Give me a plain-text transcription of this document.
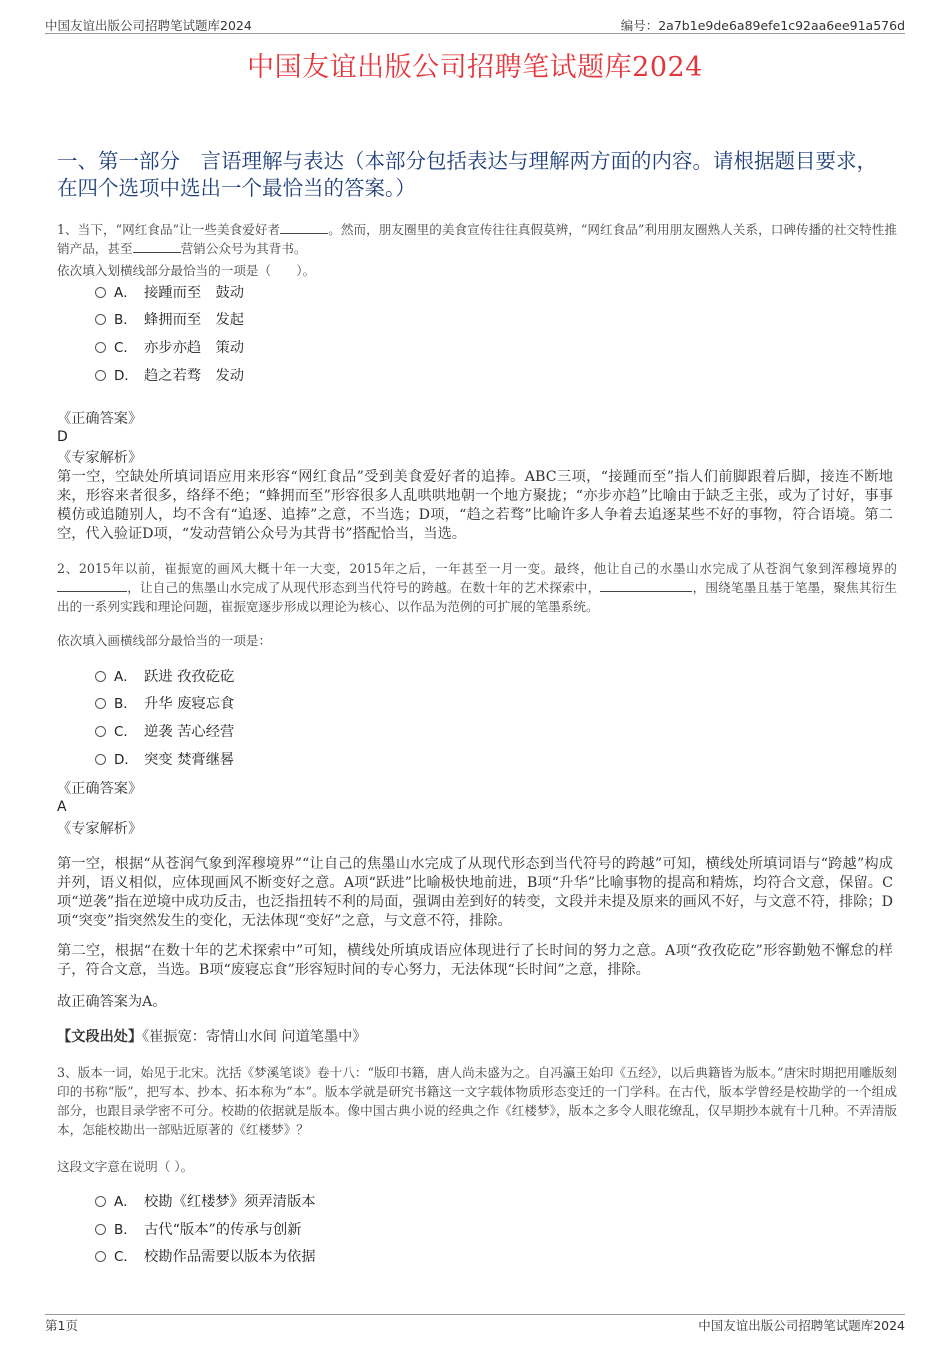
中国友谊出版公司招聘笔试题库2024	编号：2a7b1e9de6a89efe1c92aa6ee91a576d
中国友谊出版公司招聘笔试题库2024
一、第一部分　言语理解与表达（本部分包括表达与理解两方面的内容。请根据题目要求，在四个选项中选出一个最恰当的答案。）
1、当下，“网红食品”让一些美食爱好者	。然而，朋友圈里的美食宣传往往真假莫辨，“网红食品”利用朋友圈熟人关系，口碑传播的社交特性推销产品，甚至	营销公众号为其背书。
依次填入划横线部分最恰当的一项是（　　）。
A． 接踵而至　鼓动
B． 蜂拥而至　发起
C． 亦步亦趋　策动
D． 趋之若骛　发动
《正确答案》
D
《专家解析》
第一空，空缺处所填词语应用来形容“网红食品”受到美食爱好者的追捧。ABC三项，“接踵而至”指人们前脚跟着后脚，接连不断地来，形容来者很多，络绎不绝；“蜂拥而至”形容很多人乱哄哄地朝一个地方聚拢；“亦步亦趋”比喻由于缺乏主张，或为了讨好，事事模仿或追随别人，均不含有“追逐、追捧”之意，不当选；D项，“趋之若骛”比喻许多人争着去追逐某些不好的事物，符合语境。第二空，代入验证D项，“发动营销公众号为其背书”搭配恰当，当选。
2、2015年以前，崔振宽的画风大概十年一大变，2015年之后，一年甚至一月一变。最终，他让自己的水墨山水完成了从苍润气象到浑穆境界的，让自己的焦墨山水完成了从现代形态到当代符号的跨越。在数十年的艺术探索中，	，围绕笔墨且基于笔墨，聚焦其衍生出的一系列实践和理论问题，崔振宽逐步形成以理论为核心、以作品为范例的可扩展的笔墨系统。
依次填入画横线部分最恰当的一项是：
A． 跃进 孜孜矻矻
B． 升华 废寝忘食
C． 逆袭 苦心经营
D． 突变 焚膏继晷
《正确答案》
A
《专家解析》
第一空，根据“从苍润气象到浑穆境界”“让自己的焦墨山水完成了从现代形态到当代符号的跨越”可知，横线处所填词语与“跨越”构成并列，语义相似，应体现画风不断变好之意。A项“跃进”比喻极快地前进，B项“升华”比喻事物的提高和精炼，均符合文意，保留。C项“逆袭”指在逆境中成功反击，也泛指扭转不利的局面，强调由差到好的转变，文段并未提及原来的画风不好，与文意不符，排除；D项“突变”指突然发生的变化，无法体现“变好”之意，与文意不符，排除。
第二空，根据“在数十年的艺术探索中”可知，横线处所填成语应体现进行了长时间的努力之意。A项“孜孜矻矻”形容勤勉不懈怠的样子，符合文意，当选。B项“废寝忘食”形容短时间的专心努力，无法体现“长时间”之意，排除。
故正确答案为A。
【文段出处】《崔振宽：寄情山水间 问道笔墨中》
3、版本一词，始见于北宋。沈括《梦溪笔谈》卷十八：“版印书籍，唐人尚未盛为之。自冯瀛王始印《五经》，以后典籍皆为版本。”唐宋时期把用雕版刻印的书称“版”，把写本、抄本、拓本称为“本”。版本学就是研究书籍这一文字载体物质形态变迁的一门学科。在古代，版本学曾经是校勘学的一个组成部分，也跟目录学密不可分。校勘的依据就是版本。像中国古典小说的经典之作《红楼梦》，版本之多令人眼花缭乱，仅早期抄本就有十几种。不弄清版本，怎能校勘出一部贴近原著的《红楼梦》？
这段文字意在说明（ ）。
A． 校勘《红楼梦》须弄清版本
B． 古代“版本”的传承与创新
C． 校勘作品需要以版本为依据
第1页	中国友谊出版公司招聘笔试题库2024
